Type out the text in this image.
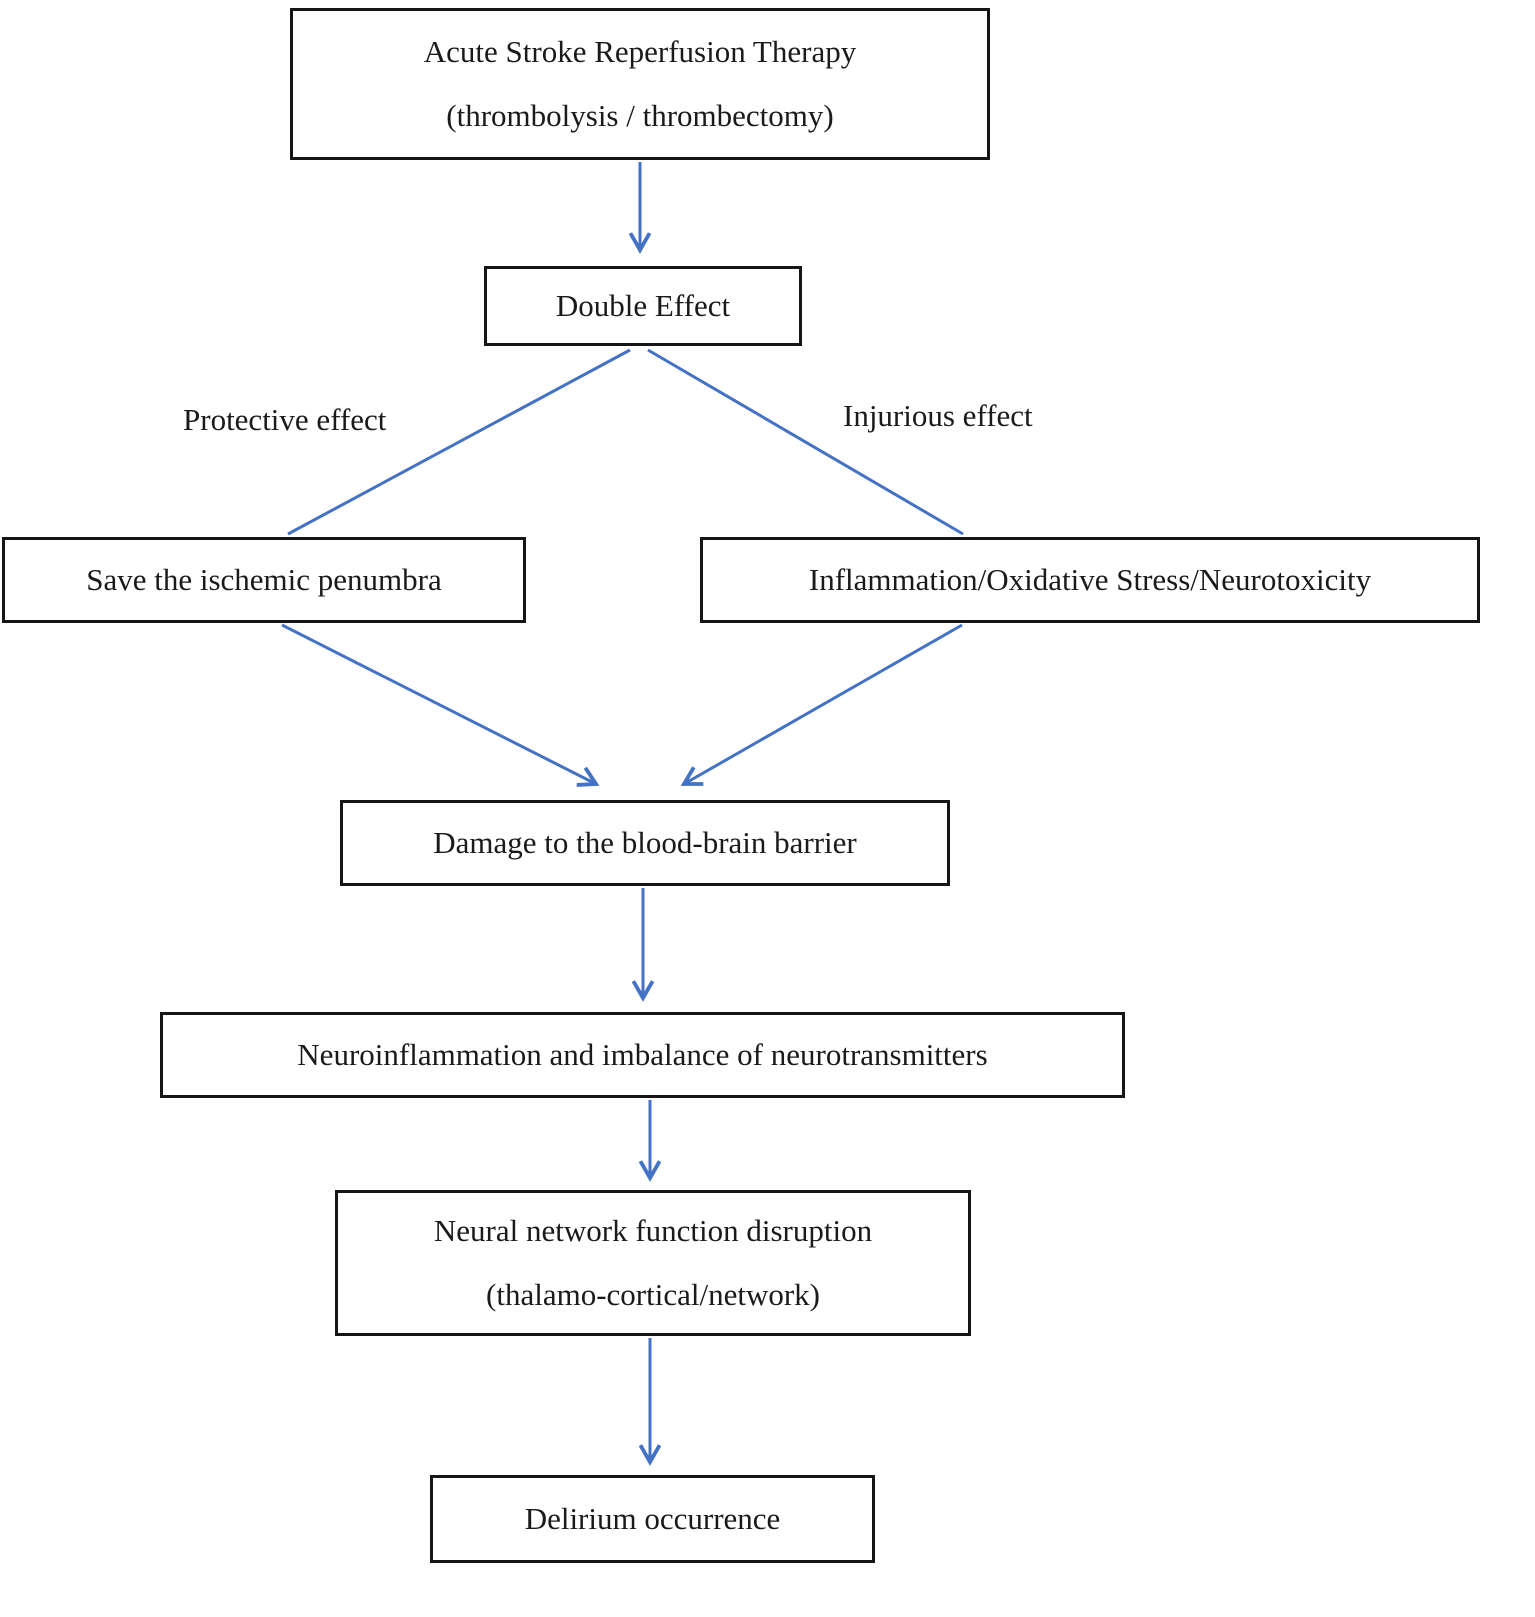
Acute Stroke Reperfusion Therapy
(thrombolysis / thrombectomy)
Double Effect
Protective effect	Injurious effect
Save the ischemic penumbra	Inflammation/Oxidative Stress/Neurotoxicity
Damage to the blood-brain barrier
Neuroinflammation and imbalance of neurotransmitters
Neural network function disruption
(thalamo-cortical/network)
Delirium occurrence
